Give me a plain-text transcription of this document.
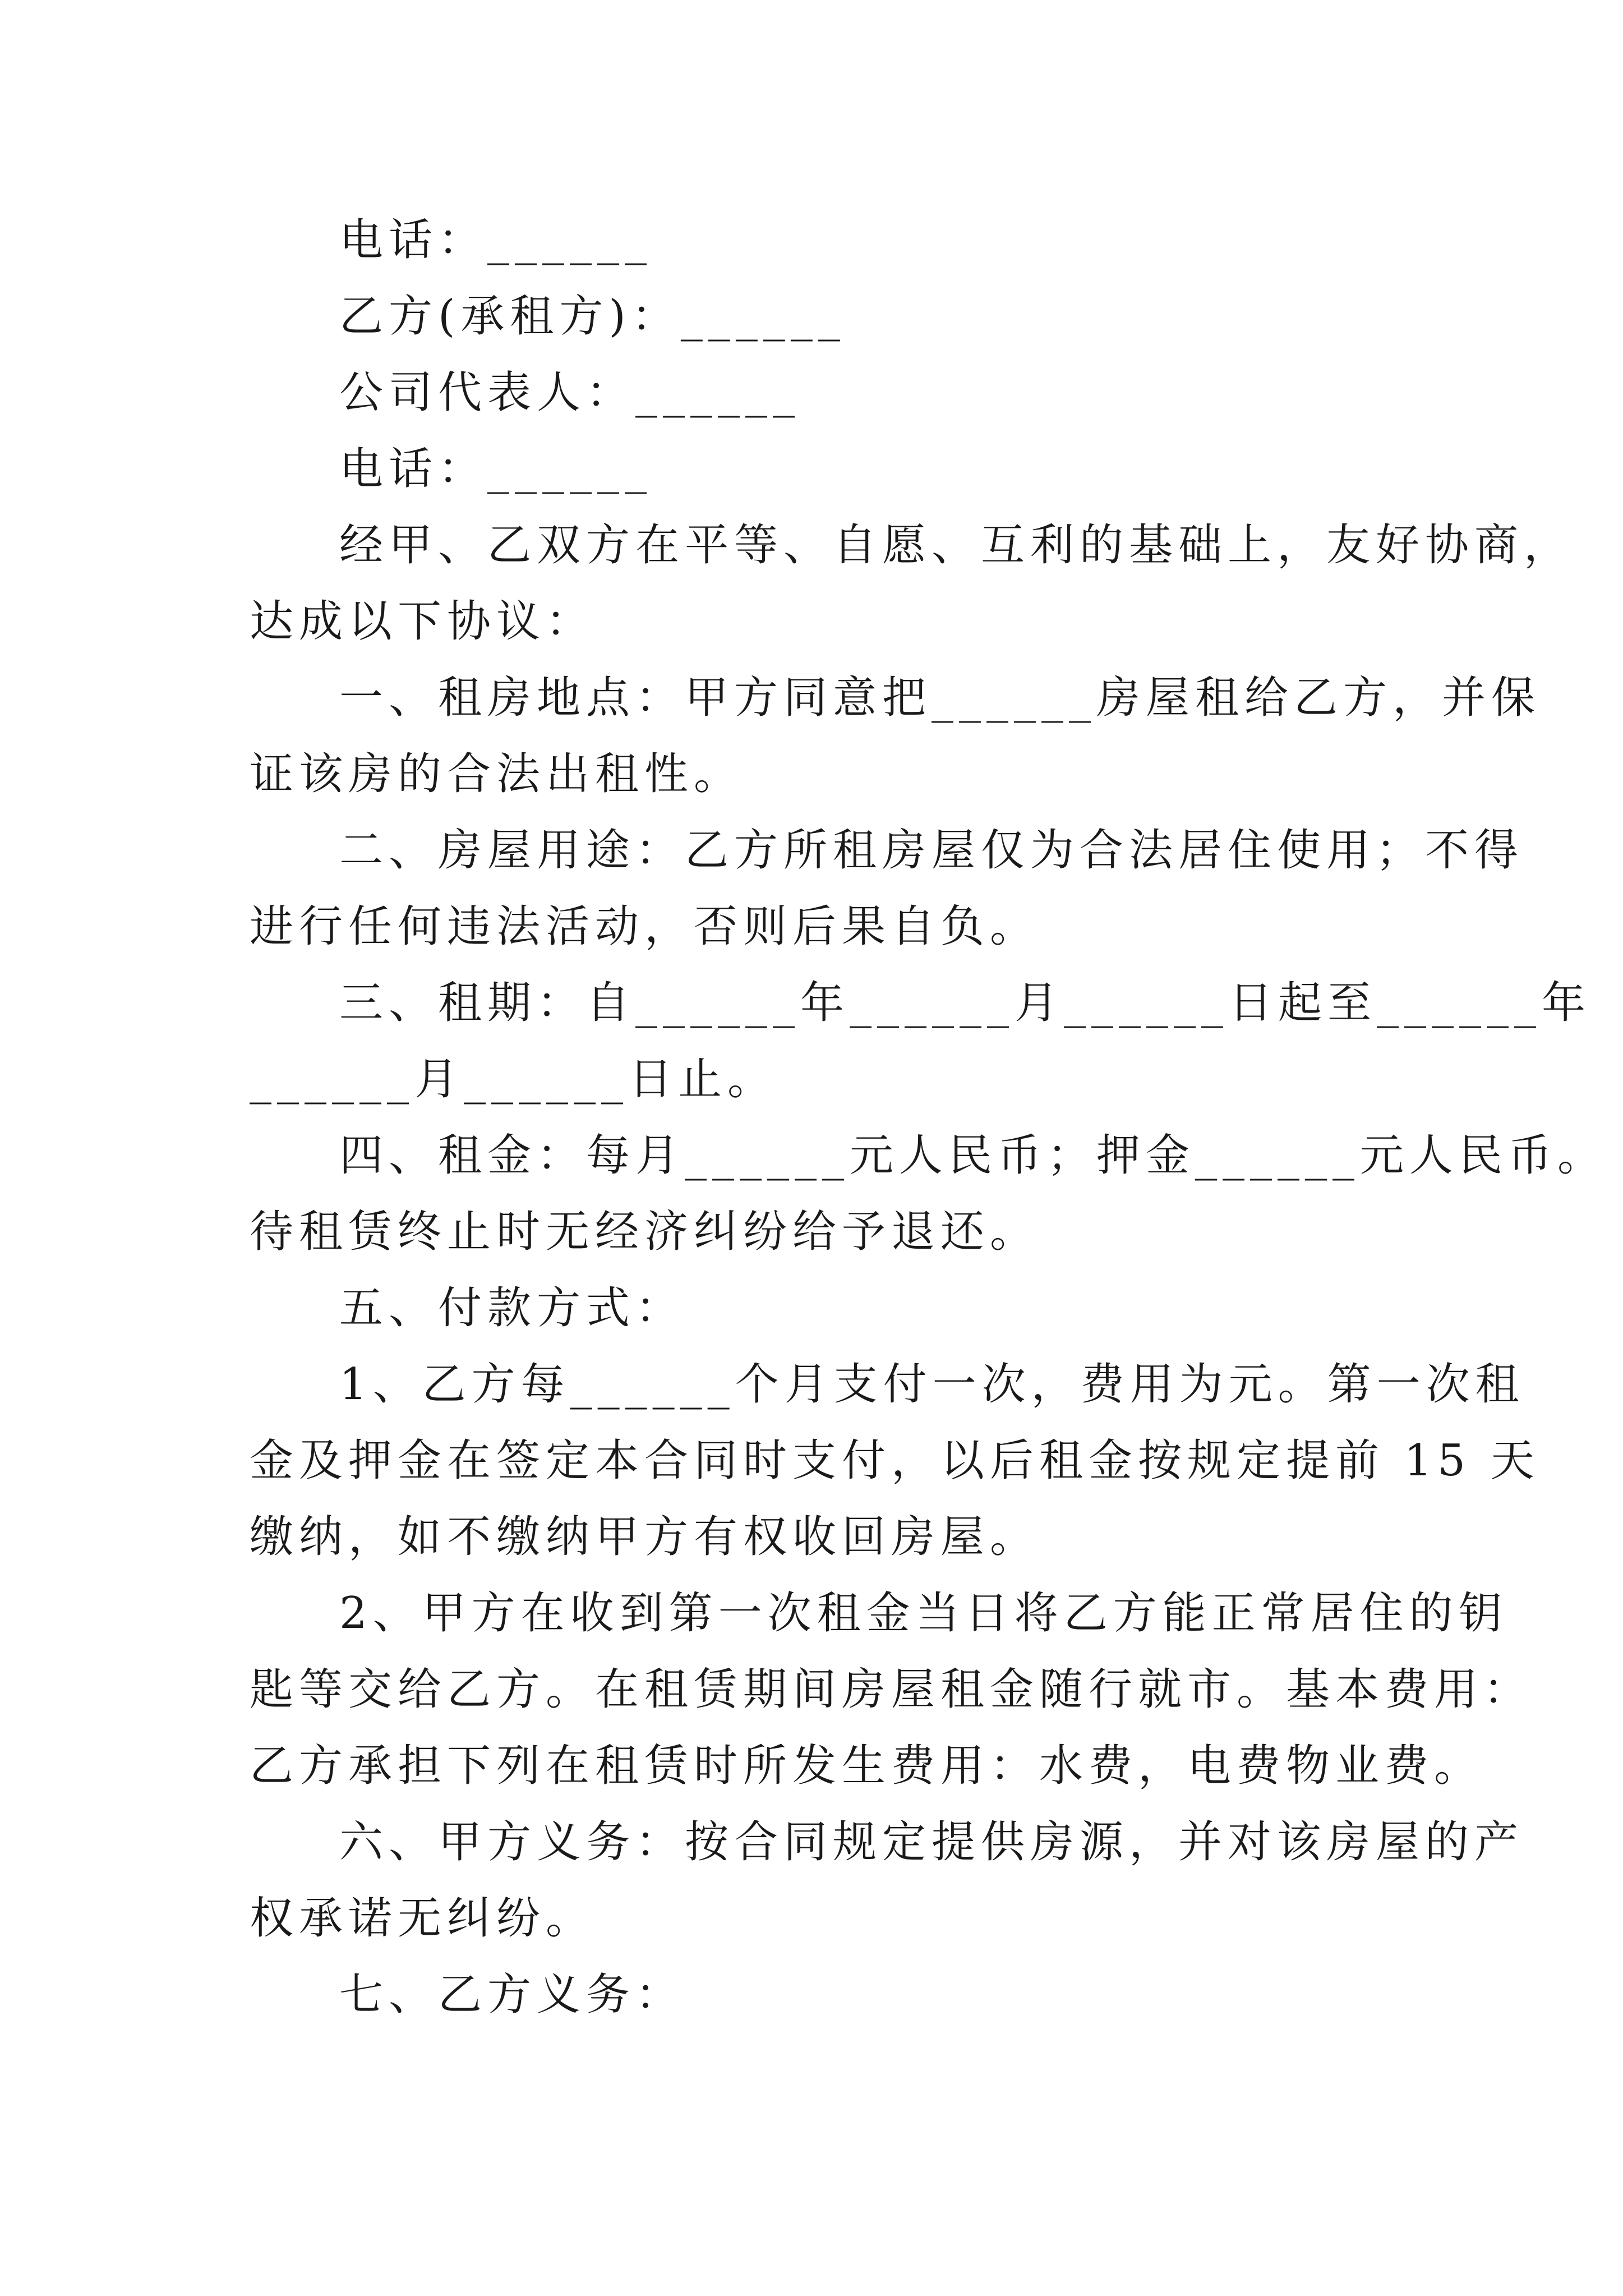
电话：______

乙方(承租方)：______

公司代表人：______

电话：______

经甲、乙双方在平等、自愿、互利的基础上，友好协商，

达成以下协议：

一、租房地点：甲方同意把______房屋租给乙方，并保

证该房的合法出租性。

二、房屋用途：乙方所租房屋仅为合法居住使用；不得

进行任何违法活动，否则后果自负。

三、租期：自______年______月______日起至______年

______月______日止。

四、租金：每月______元人民币；押金______元人民币。

待租赁终止时无经济纠纷给予退还。

五、付款方式：

1、乙方每______个月支付一次，费用为元。第一次租

金及押金在签定本合同时支付，以后租金按规定提前 15 天

缴纳，如不缴纳甲方有权收回房屋。

2、甲方在收到第一次租金当日将乙方能正常居住的钥

匙等交给乙方。在租赁期间房屋租金随行就市。基本费用：

乙方承担下列在租赁时所发生费用：水费，电费物业费。

六、甲方义务：按合同规定提供房源，并对该房屋的产

权承诺无纠纷。

七、乙方义务：
